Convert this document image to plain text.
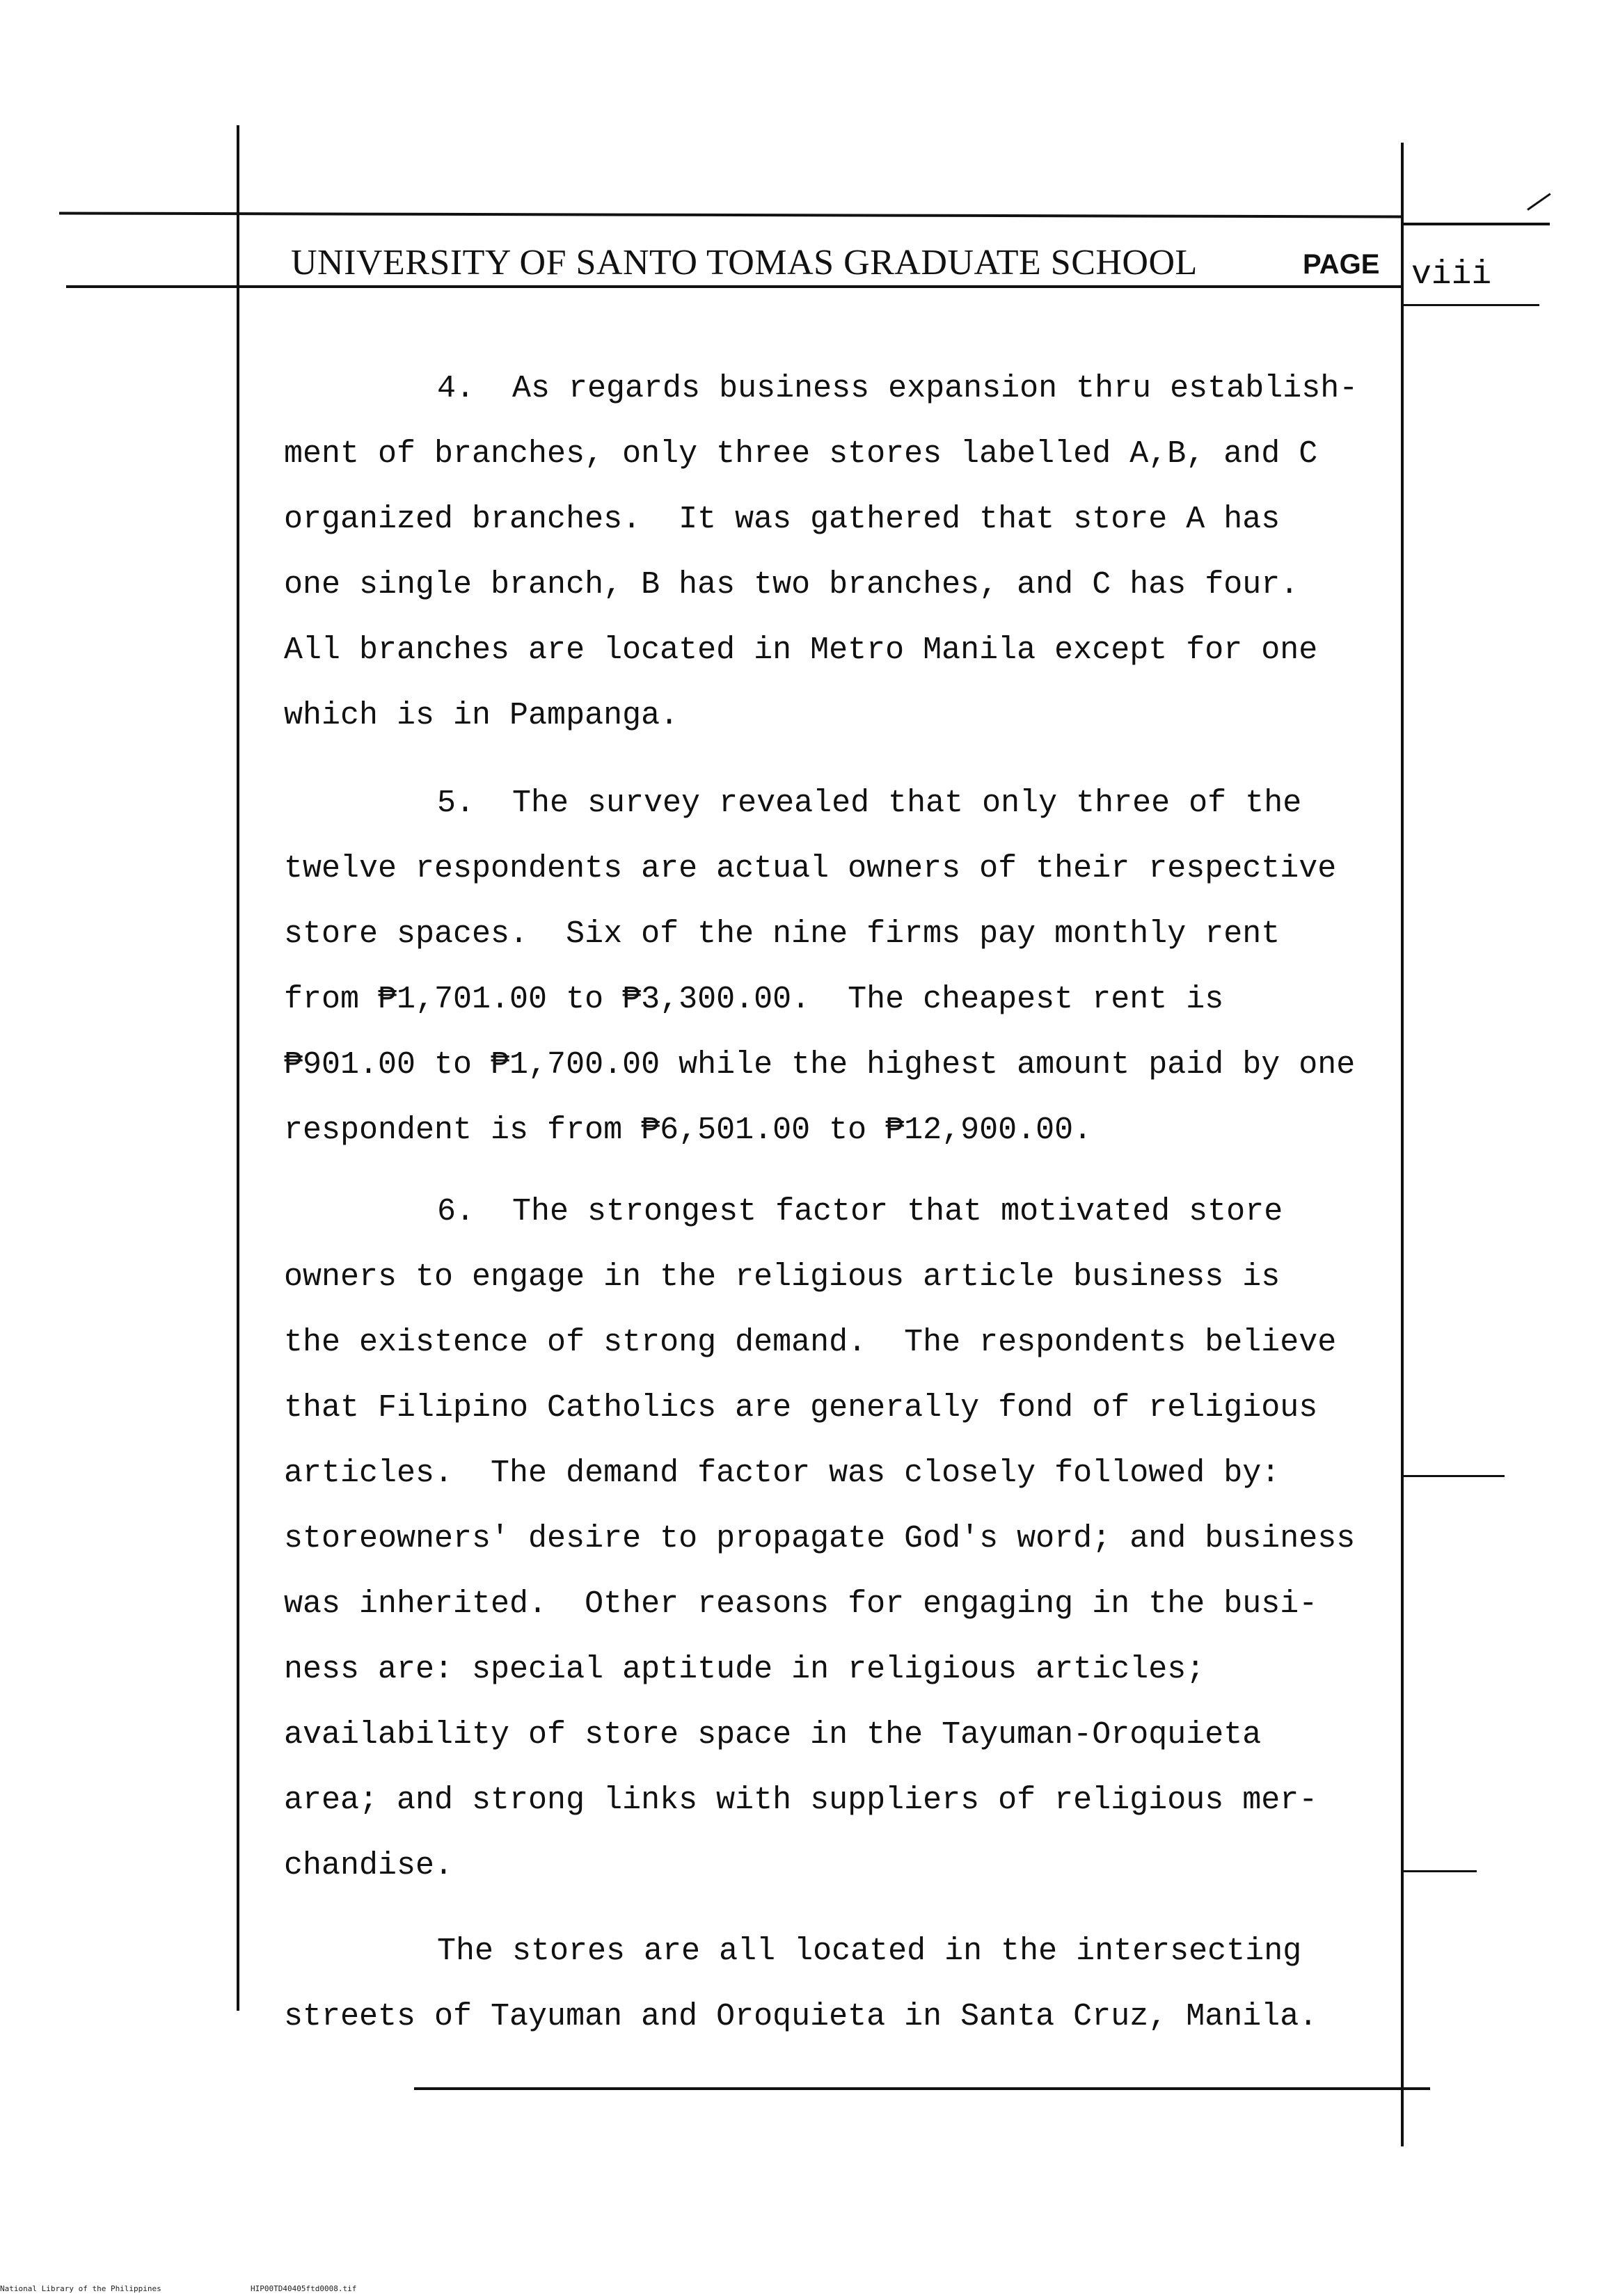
UNIVERSITY OF SANTO TOMAS GRADUATE SCHOOL	PAGE viii
4.  As regards business expansion thru establish-
ment of branches, only three stores labelled A,B, and C
organized branches.  It was gathered that store A has
one single branch, B has two branches, and C has four.
All branches are located in Metro Manila except for one
which is in Pampanga.
5.  The survey revealed that only three of the
twelve respondents are actual owners of their respective
store spaces.  Six of the nine firms pay monthly rent
from ₱1,701.00 to ₱3,300.00.  The cheapest rent is
₱901.00 to ₱1,700.00 while the highest amount paid by one
respondent is from ₱6,501.00 to ₱12,900.00.
6.  The strongest factor that motivated store
owners to engage in the religious article business is
the existence of strong demand.  The respondents believe
that Filipino Catholics are generally fond of religious
articles.  The demand factor was closely followed by:
storeowners' desire to propagate God's word; and business
was inherited.  Other reasons for engaging in the busi-
ness are: special aptitude in religious articles;
availability of store space in the Tayuman-Oroquieta
area; and strong links with suppliers of religious mer-
chandise.
The stores are all located in the intersecting
streets of Tayuman and Oroquieta in Santa Cruz, Manila.
National Library of the Philippines	HIP00TD40405ftd0008.tif
